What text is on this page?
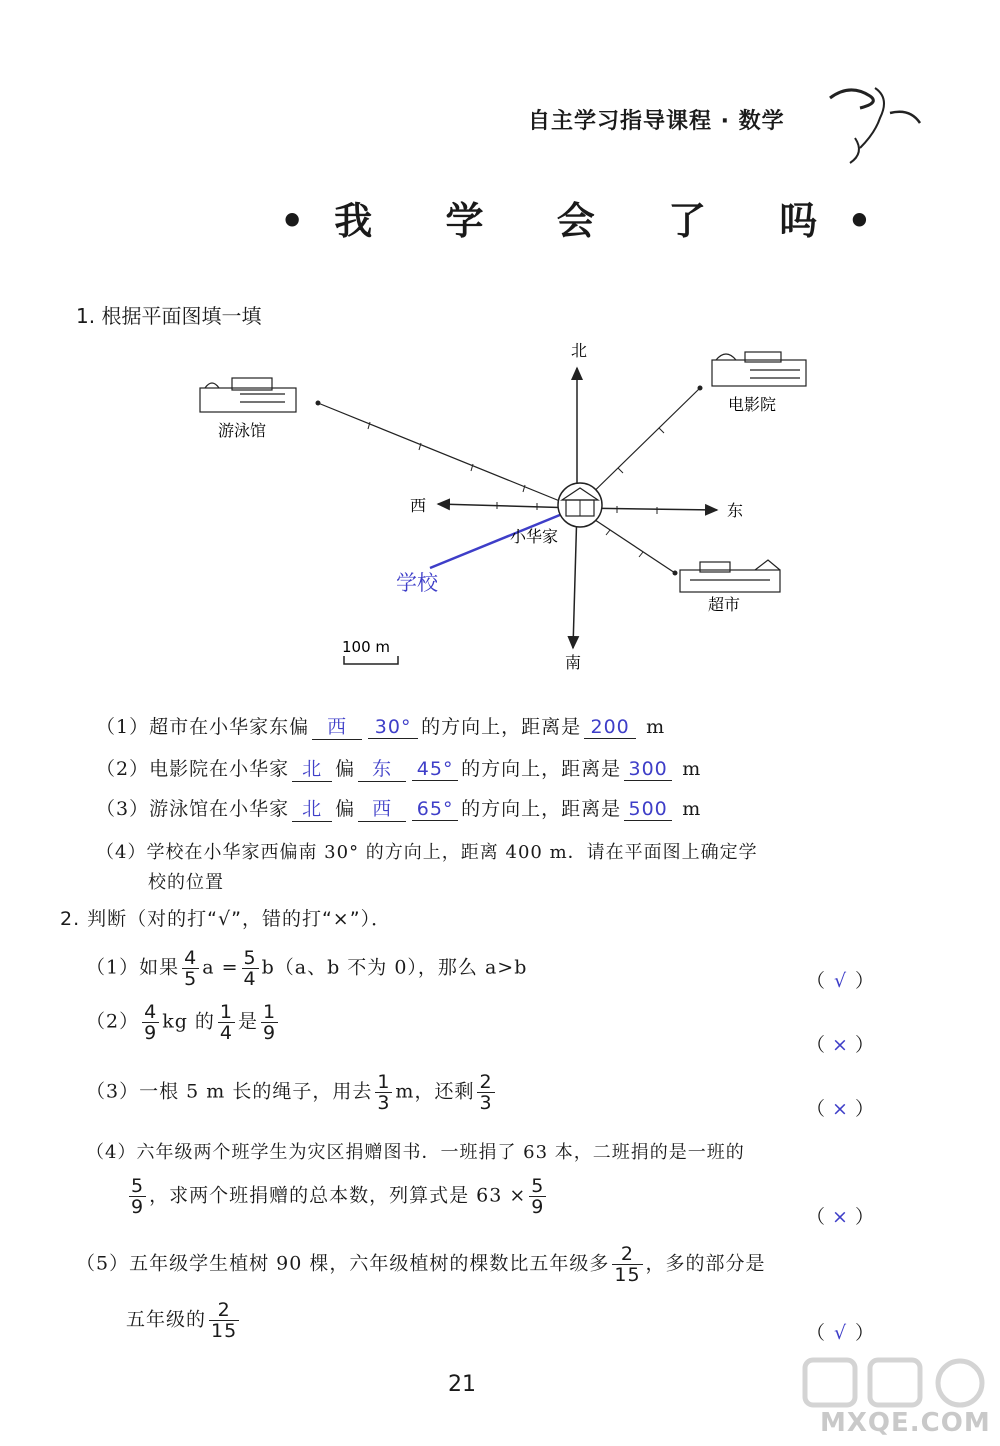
自主学习指导课程 · 数学
•我 学 会 了 吗•
1. 根据平面图填一填
北
南
东
西
小华家
电影院
游泳馆
超市
学校
100 m
（1）超市在小华家东偏 西 30° 的方向上，距离是 200 m
（2）电影院在小华家 北 偏 东 45° 的方向上，距离是 300 m
（3）游泳馆在小华家 北 偏 西 65° 的方向上，距离是 500 m
（4）学校在小华家西偏南 30° 的方向上，距离 400 m．请在平面图上确定学
校的位置
2. 判断（对的打“√”，错的打“×”）．
（1）如果 $\frac{4}{5}$ $a = \frac{5}{4} b(a$、b 不为 0），那么 a>b
（ √ ）
$(2) \frac{4}{9}$ kg 的 $\frac{1}{4}$ 是 $\frac{1}{9}$
（ × ）
（3）一根 5 m 长的绳子，用去 $\frac{1}{3}$ m，还剩 $\frac{2}{3}$	（ × ）
（4）六年级两个班学生为灾区捐赠图书．一班捐了 63 本，二班捐的是一班的
$\frac{5}{9}$ ，求两个班捐赠的总本数，列算式是 $63 \times \frac{5}{9}$	（ × ）
（5）五年级学生植树 90 棵，六年级植树的棵数比五年级多 $\frac{2}{15}$ ，多的部分是
五年级的 $\frac{2}{15}$	（ √ ）
21
MXQE.COM
